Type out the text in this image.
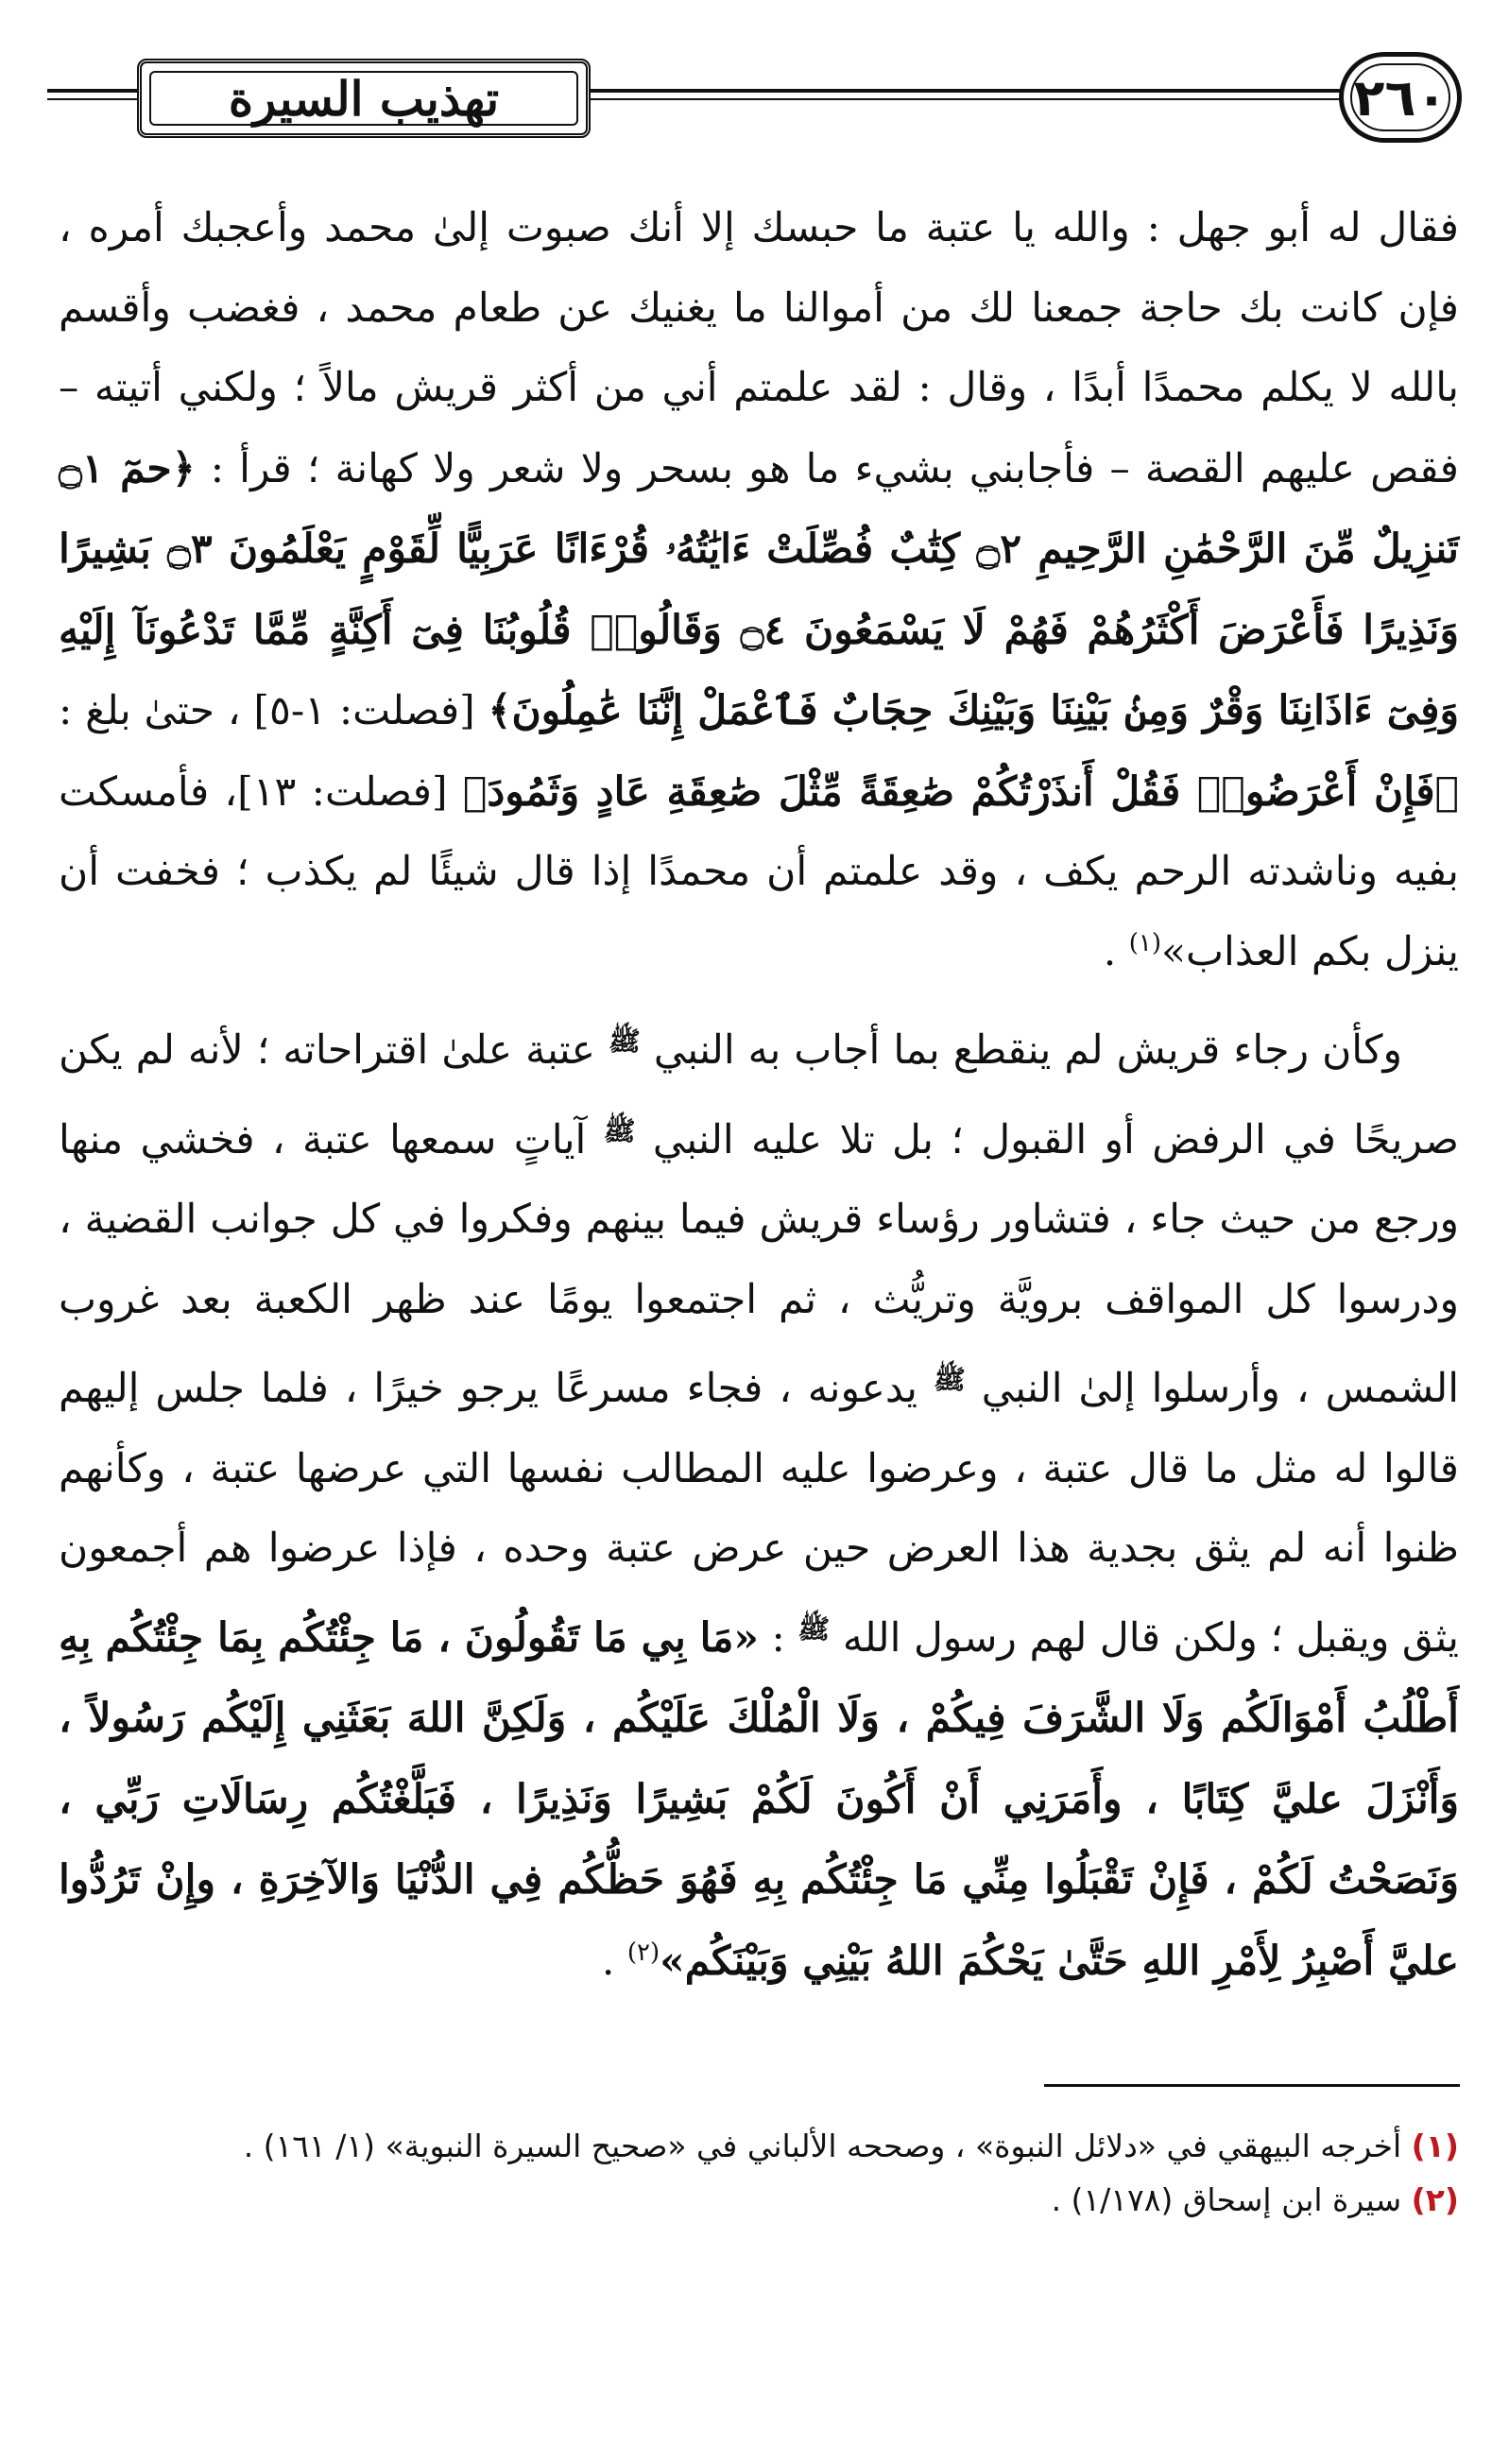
تهذيب السيرة	٢٦٠

فقال له أبو جهل : والله يا عتبة ما حبسك إلا أنك صبوت إلىٰ محمد وأعجبك أمره ، فإن كانت بك حاجة جمعنا لك من أموالنا ما يغنيك عن طعام محمد ، فغضب وأقسم بالله لا يكلم محمدًا أبدًا ، وقال : لقد علمتم أني من أكثر قريش مالاً ؛ ولكني أتيته – فقص عليهم القصة – فأجابني بشيء ما هو بسحر ولا شعر ولا كهانة ؛ قرأ : ﴿حمٓ ۝١ تَنزِيلٌ مِّنَ الرَّحْمَٰنِ الرَّحِيمِ ۝٢ كِتَٰبٌ فُصِّلَتْ ءَايَٰتُهُۥ قُرْءَانًا عَرَبِيًّا لِّقَوْمٍ يَعْلَمُونَ ۝٣ بَشِيرًا وَنَذِيرًا فَأَعْرَضَ أَكْثَرُهُمْ فَهُمْ لَا يَسْمَعُونَ ۝٤ وَقَالُوا۟ قُلُوبُنَا فِىٓ أَكِنَّةٍ مِّمَّا تَدْعُونَآ إِلَيْهِ وَفِىٓ ءَاذَانِنَا وَقْرٌ وَمِنۢ بَيْنِنَا وَبَيْنِكَ حِجَابٌ فَٱعْمَلْ إِنَّنَا عَٰمِلُونَ﴾ [فصلت: ١-٥] ، حتىٰ بلغ : ﴿فَإِنْ أَعْرَضُوا۟ فَقُلْ أَنذَرْتُكُمْ صَٰعِقَةً مِّثْلَ صَٰعِقَةِ عَادٍ وَثَمُودَ﴾ [فصلت: ١٣]، فأمسكت بفيه وناشدته الرحم يكف ، وقد علمتم أن محمدًا إذا قال شيئًا لم يكذب ؛ فخفت أن ينزل بكم العذاب»$^{(١)}$ .

وكأن رجاء قريش لم ينقطع بما أجاب به النبي $^ﷺ$ عتبة علىٰ اقتراحاته ؛ لأنه لم يكن صريحًا في الرفض أو القبول ؛ بل تلا عليه النبي $^ﷺ$ آياتٍ سمعها عتبة ، فخشي منها ورجع من حيث جاء ، فتشاور رؤساء قريش فيما بينهم وفكروا في كل جوانب القضية ، ودرسوا كل المواقف برويَّة وتريُّث ، ثم اجتمعوا يومًا عند ظهر الكعبة بعد غروب الشمس ، وأرسلوا إلىٰ النبي $^ﷺ$ يدعونه ، فجاء مسرعًا يرجو خيرًا ، فلما جلس إليهم قالوا له مثل ما قال عتبة ، وعرضوا عليه المطالب نفسها التي عرضها عتبة ، وكأنهم ظنوا أنه لم يثق بجدية هذا العرض حين عرض عتبة وحده ، فإذا عرضوا هم أجمعون يثق ويقبل ؛ ولكن قال لهم رسول الله $^ﷺ$ : «مَا بِي مَا تَقُولُونَ ، مَا جِئْتُكُم بِمَا جِئْتُكُم بِهِ أَطْلُبُ أَمْوَالَكُم وَلَا الشَّرَفَ فِيكُمْ ، وَلَا الْمُلْكَ عَلَيْكُم ، وَلَكِنَّ اللهَ بَعَثَنِي إِلَيْكُم رَسُولاً ، وَأَنْزَلَ عليَّ كِتَابًا ، وأَمَرَنِي أَنْ أَكُونَ لَكُمْ بَشِيرًا وَنَذِيرًا ، فَبَلَّغْتُكُم رِسَالَاتِ رَبِّي ، وَنَصَحْتُ لَكُمْ ، فَإِنْ تَقْبَلُوا مِنِّي مَا جِئْتُكُم بِهِ فَهُوَ حَظُّكُم فِي الدُّنْيَا وَالآخِرَةِ ، وإِنْ تَرُدُّوا عليَّ أَصْبِرُ لِأَمْرِ اللهِ حَتَّىٰ يَحْكُمَ اللهُ بَيْنِي وَبَيْنَكُم»$^{(٢)}$ .

(١) أخرجه البيهقي في «دلائل النبوة» ، وصححه الألباني في «صحيح السيرة النبوية» (١/ ١٦١) .
(٢) سيرة ابن إسحاق (١/١٧٨) .
